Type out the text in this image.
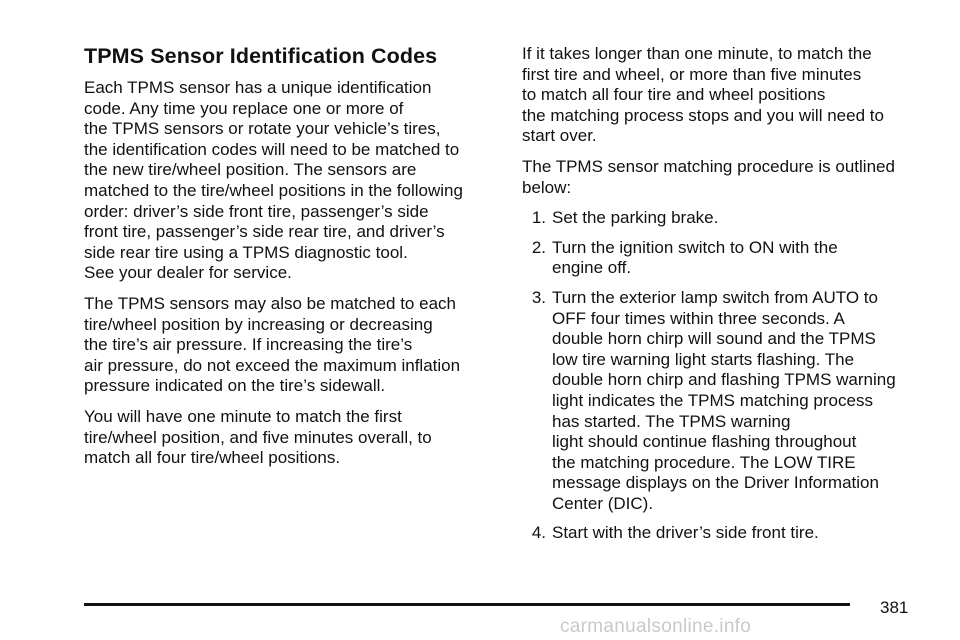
TPMS Sensor Identification Codes

Each TPMS sensor has a unique identification
code. Any time you replace one or more of
the TPMS sensors or rotate your vehicle’s tires,
the identification codes will need to be matched to
the new tire/wheel position. The sensors are
matched to the tire/wheel positions in the following
order: driver’s side front tire, passenger’s side
front tire, passenger’s side rear tire, and driver’s
side rear tire using a TPMS diagnostic tool.
See your dealer for service.

The TPMS sensors may also be matched to each
tire/wheel position by increasing or decreasing
the tire’s air pressure. If increasing the tire’s
air pressure, do not exceed the maximum inflation
pressure indicated on the tire’s sidewall.

You will have one minute to match the first
tire/wheel position, and five minutes overall, to
match all four tire/wheel positions.

If it takes longer than one minute, to match the
first tire and wheel, or more than five minutes
to match all four tire and wheel positions
the matching process stops and you will need to
start over.

The TPMS sensor matching procedure is outlined
below:

1. Set the parking brake.
2. Turn the ignition switch to ON with the
engine off.
3. Turn the exterior lamp switch from AUTO to
OFF four times within three seconds. A
double horn chirp will sound and the TPMS
low tire warning light starts flashing. The
double horn chirp and flashing TPMS warning
light indicates the TPMS matching process
has started. The TPMS warning
light should continue flashing throughout
the matching procedure. The LOW TIRE
message displays on the Driver Information
Center (DIC).
4. Start with the driver’s side front tire.
381
carmanualsonline.info
